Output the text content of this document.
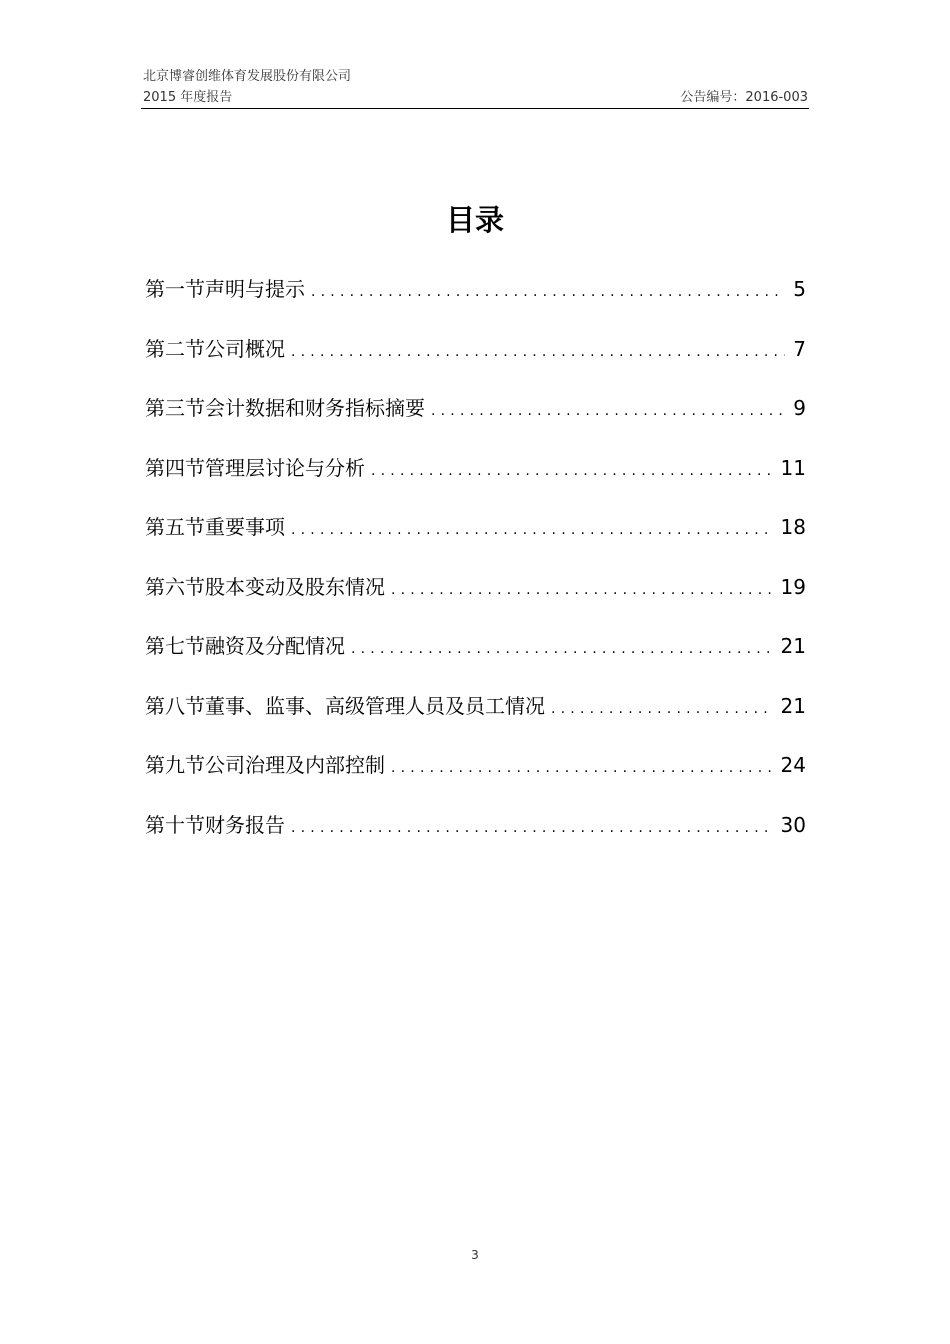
北京博睿创维体育发展股份有限公司
2015 年度报告	公告编号：2016-003
目录
第一节声明与提示 .....	5
第二节公司概况 .....	7
第三节会计数据和财务指标摘要 .....	9
第四节管理层讨论与分析 .....	11
第五节重要事项 .....	18
第六节股本变动及股东情况 .....	19
第七节融资及分配情况 .....	21
第八节董事、监事、高级管理人员及员工情况 .....	21
第九节公司治理及内部控制 .....	24
第十节财务报告 .....	30
3
